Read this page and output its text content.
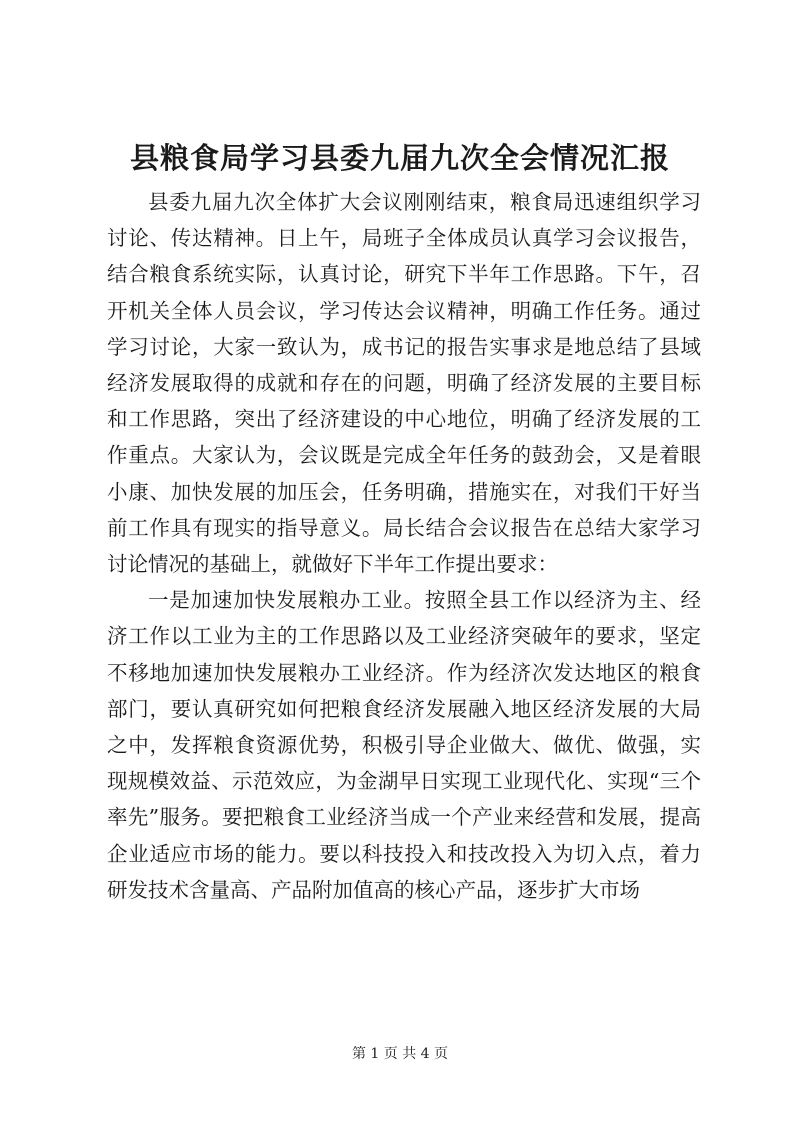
县粮食局学习县委九届九次全会情况汇报

县委九届九次全体扩大会议刚刚结束，粮食局迅速组织学习讨论、传达精神。日上午，局班子全体成员认真学习会议报告，结合粮食系统实际，认真讨论，研究下半年工作思路。下午，召开机关全体人员会议，学习传达会议精神，明确工作任务。通过学习讨论，大家一致认为，成书记的报告实事求是地总结了县域经济发展取得的成就和存在的问题，明确了经济发展的主要目标和工作思路，突出了经济建设的中心地位，明确了经济发展的工作重点。大家认为，会议既是完成全年任务的鼓劲会，又是着眼小康、加快发展的加压会，任务明确，措施实在，对我们干好当前工作具有现实的指导意义。局长结合会议报告在总结大家学习讨论情况的基础上，就做好下半年工作提出要求：

一是加速加快发展粮办工业。按照全县工作以经济为主、经济工作以工业为主的工作思路以及工业经济突破年的要求，坚定不移地加速加快发展粮办工业经济。作为经济次发达地区的粮食部门，要认真研究如何把粮食经济发展融入地区经济发展的大局之中，发挥粮食资源优势，积极引导企业做大、做优、做强，实现规模效益、示范效应，为金湖早日实现工业现代化、实现“三个率先”服务。要把粮食工业经济当成一个产业来经营和发展，提高企业适应市场的能力。要以科技投入和技改投入为切入点，着力研发技术含量高、产品附加值高的核心产品，逐步扩大市场

第 1 页 共 4 页
